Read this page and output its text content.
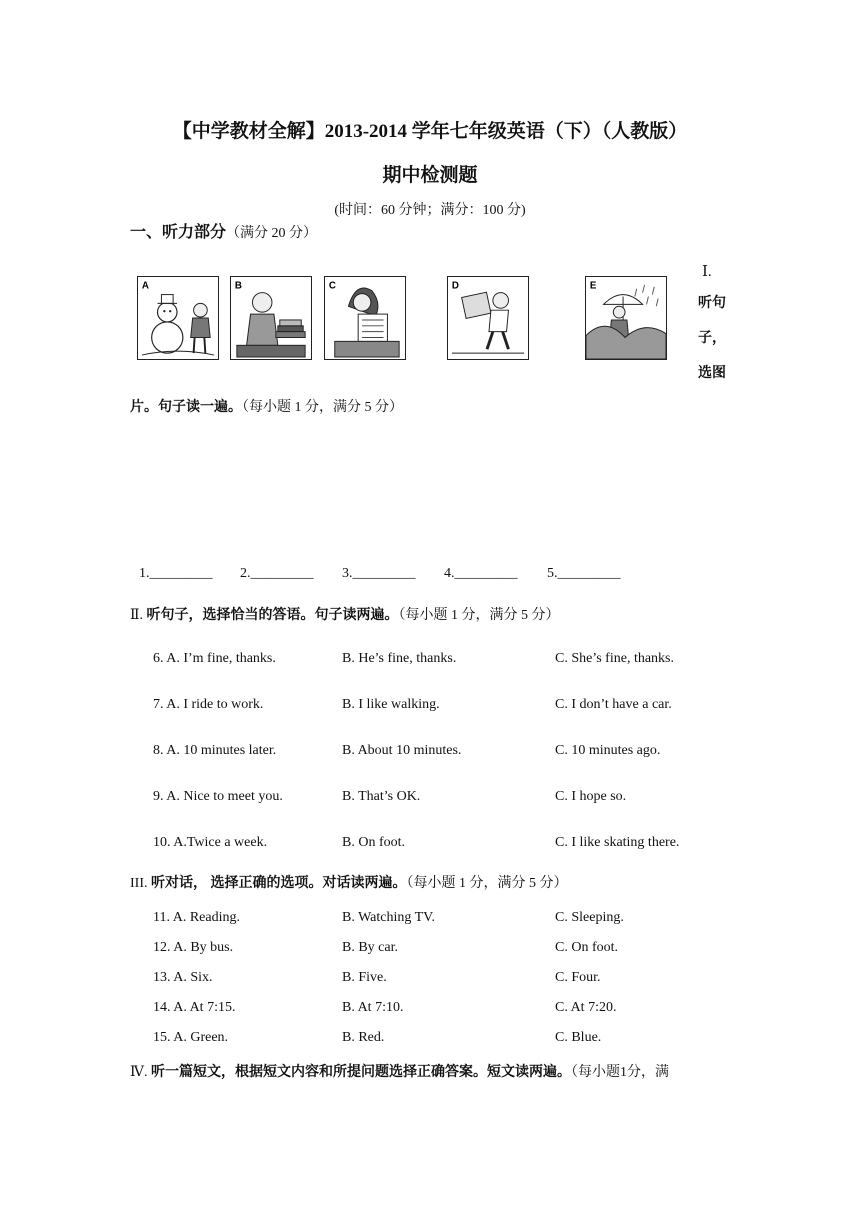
【中学教材全解】2013-2014 学年七年级英语（下）（人教版）
期中检测题
(时间：60 分钟；满分：100 分)
一、听力部分（满分 20 分）
A	B	C	D	E
Ⅰ.
听句
子，
选图
片。句子读一遍。（每小题 1 分，满分 5 分）
1._________ 2._________ 3._________ 4._________ 5._________
Ⅱ. 听句子，选择恰当的答语。句子读两遍。（每小题 1 分，满分 5 分）
6. A. I’m fine, thanks.	B. He’s fine, thanks.	C. She’s fine, thanks.
7. A. I ride to work.	B. I like walking.	C. I don’t have a car.
8. A. 10 minutes later.	B. About 10 minutes.	C. 10 minutes ago.
9. A. Nice to meet you.	B. That’s OK.	C. I hope so.
10. A.Twice a week.	B. On foot.	C. I like skating there.
III. 听对话， 选择正确的选项。对话读两遍。（每小题 1 分，满分 5 分）
11. A. Reading.	B. Watching TV.	C. Sleeping.
12. A. By bus.	B. By car.	C. On foot.
13. A. Six.	B. Five.	C. Four.
14. A. At 7:15.	B. At 7:10.	C. At 7:20.
15. A. Green.	B. Red.	C. Blue.
Ⅳ. 听一篇短文，根据短文内容和所提问题选择正确答案。短文读两遍。（每小题1分，满
